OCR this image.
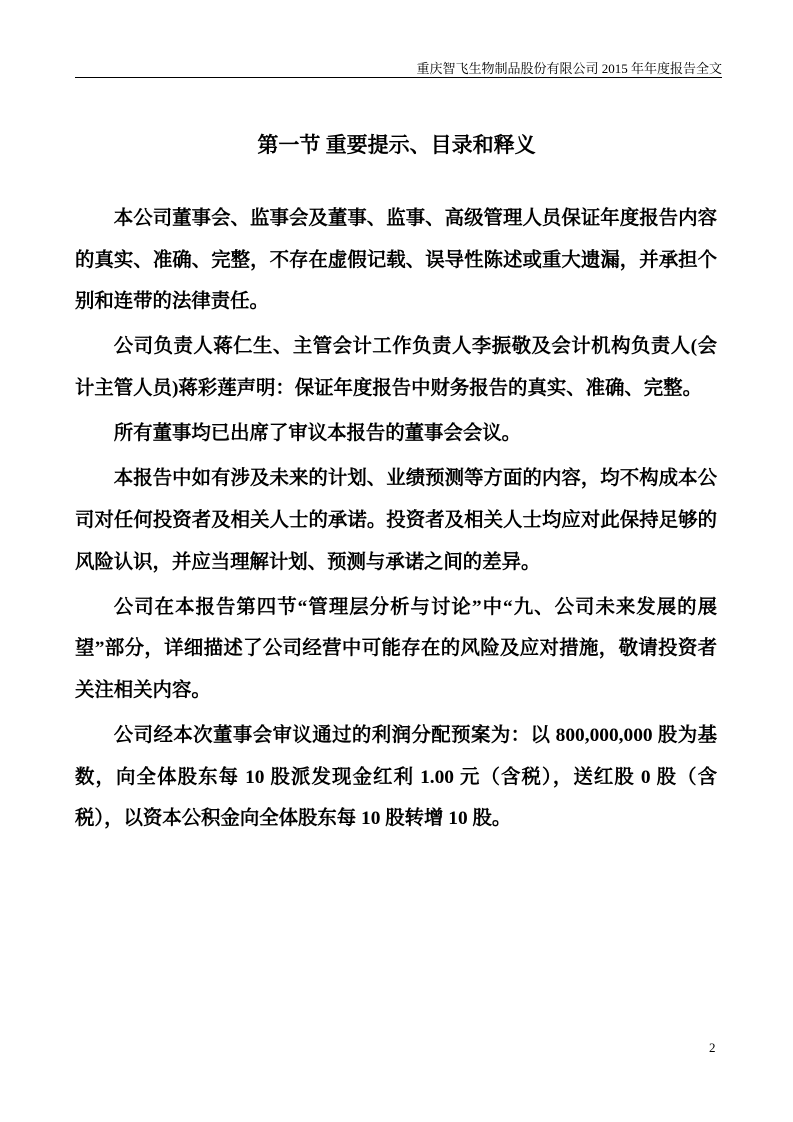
重庆智飞生物制品股份有限公司 2015 年年度报告全文
第一节 重要提示、目录和释义

本公司董事会、监事会及董事、监事、高级管理人员保证年度报告内容的真实、准确、完整，不存在虚假记载、误导性陈述或重大遗漏，并承担个别和连带的法律责任。

公司负责人蒋仁生、主管会计工作负责人李振敬及会计机构负责人(会计主管人员)蒋彩莲声明：保证年度报告中财务报告的真实、准确、完整。

所有董事均已出席了审议本报告的董事会会议。

本报告中如有涉及未来的计划、业绩预测等方面的内容，均不构成本公司对任何投资者及相关人士的承诺。投资者及相关人士均应对此保持足够的风险认识，并应当理解计划、预测与承诺之间的差异。

公司在本报告第四节“管理层分析与讨论”中“九、公司未来发展的展望”部分，详细描述了公司经营中可能存在的风险及应对措施，敬请投资者关注相关内容。

公司经本次董事会审议通过的利润分配预案为：以 800,000,000 股为基数，向全体股东每 10 股派发现金红利 1.00 元（含税），送红股 0 股（含税），以资本公积金向全体股东每 10 股转增 10 股。

2
